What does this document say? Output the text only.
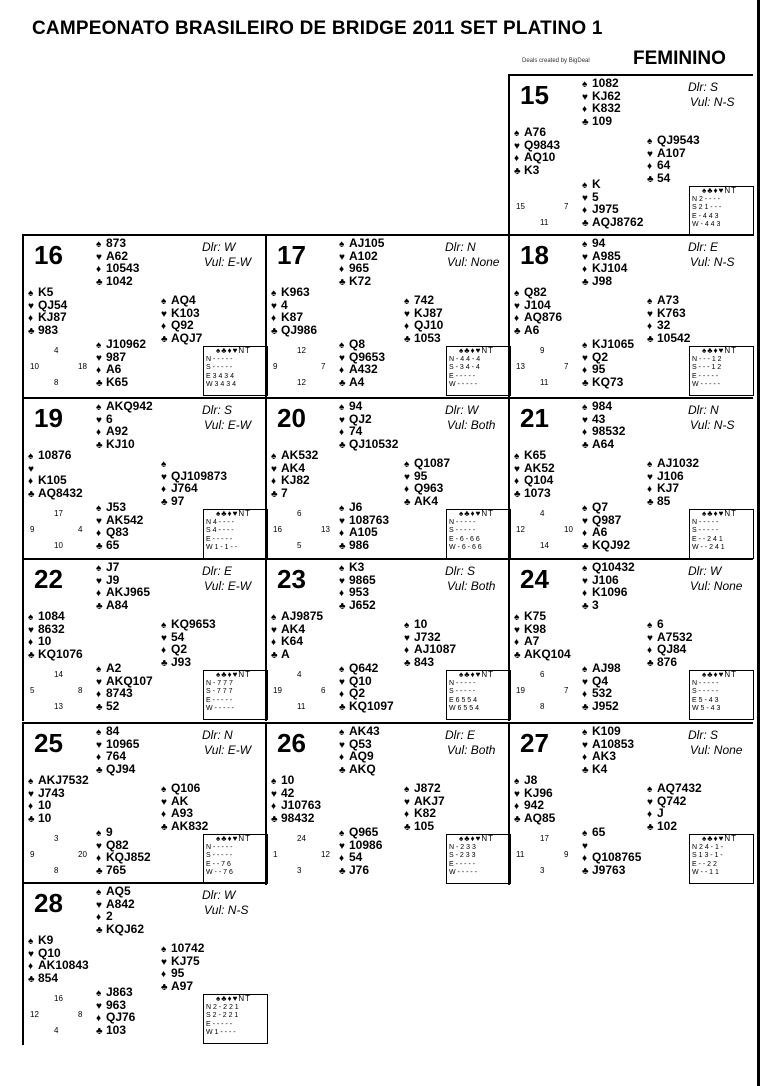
CAMPEONATO BRASILEIRO DE BRIDGE 2011 SET PLATINO 1
Deals created by BigDeal FEMININO
15	Dlr: S
Vul: N-S
♠ 1082
♥ KJ62
♦ K832
♣ 109
♠ A76
♥ Q9843
♦ AQ10
♣ K3
♠ QJ9543
♥ A107
♦ 64
♣ 54
♠ K
♥ 5
♦ J975
♣ AQJ8762
15	7
11
♠♣♦♥NT
N 2 - - - -
S 2 1 - - -
E - 4 4 3
W - 4 4 3
16	Dlr: W
Vul: E-W
♠ 873
♥ A62
♦ 10543
♣ 1042
♠ K5
♥ QJ54
♦ KJ87
♣ 983
♠ AQ4
♥ K103
♦ Q92
♣ AQJ7
♠ J10962
♥ 987
♦ A6
♣ K65
4
10	18
8
♠♣♦♥NT
N - - - - -
S - - - - -
E 3 4 3 4
W 3 4 3 4
17	Dlr: N
Vul: None
♠ AJ105
♥ A102
♦ 965
♣ K72
♠ K963
♥ 4
♦ K87
♣ QJ986
♠ 742
♥ KJ87
♦ QJ10
♣ 1053
♠ Q8
♥ Q9653
♦ A432
♣ A4
12
9	7
12
♠♣♦♥NT
N - 4 4 - 4
S - 3 4 - 4
E - - - - -
W - - - - -
18	Dlr: E
Vul: N-S
♠ 94
♥ A985
♦ KJ104
♣ J98
♠ Q82
♥ J104
♦ AQ876
♣ A6
♠ A73
♥ K763
♦ 32
♣ 10542
♠ KJ1065
♥ Q2
♦ 95
♣ KQ73
9
13	7
11
♠♣♦♥NT
N - - - 1 2
S - - - 1 2
E - - - - -
W - - - - -
19	Dlr: S
Vul: E-W
♠ AKQ942
♥ 6
♦ A92
♣ KJ10
♠ 10876
♥
♦ K105
♣ AQ8432
♠
♥ QJ109873
♦ J764
♣ 97
♠ J53
♥ AK542
♦ Q83
♣ 65
17
9	4
10
♠♣♦♥NT
N 4 - - - -
S 4 - - - -
E - - - - -
W 1 - 1 - -
20	Dlr: W
Vul: Both
♠ 94
♥ QJ2
♦ 74
♣ QJ10532
♠ AK532
♥ AK4
♦ KJ82
♣ 7
♠ Q1087
♥ 95
♦ Q963
♣ AK4
♠ J6
♥ 108763
♦ A105
♣ 986
6
16	13
5
♠♣♦♥NT
N - - - - -
S - - - - -
E - 6 - 6 6
W - 6 - 6 6
21	Dlr: N
Vul: N-S
♠ 984
♥ 43
♦ 98532
♣ A64
♠ K65
♥ AK52
♦ Q104
♣ 1073
♠ AJ1032
♥ J106
♦ KJ7
♣ 85
♠ Q7
♥ Q987
♦ A6
♣ KQJ92
4
12	10
14
♠♣♦♥NT
N - - - - -
S - - - - -
E - - 2 4 1
W - - 2 4 1
22	Dlr: E
Vul: E-W
♠ J7
♥ J9
♦ AKJ965
♣ A84
♠ 1084
♥ 8632
♦ 10
♣ KQ1076
♠ KQ9653
♥ 54
♦ Q2
♣ J93
♠ A2
♥ AKQ107
♦ 8743
♣ 52
14
5	8
13
♠♣♦♥NT
N - 7 7 7
S - 7 7 7
E - - - - -
W - - - - -
23	Dlr: S
Vul: Both
♠ K3
♥ 9865
♦ 953
♣ J652
♠ AJ9875
♥ AK4
♦ K64
♣ A
♠ 10
♥ J732
♦ AJ1087
♣ 843
♠ Q642
♥ Q10
♦ Q2
♣ KQ1097
4
19	6
11
♠♣♦♥NT
N - - - - -
S - - - - -
E 6 5 5 4
W 6 5 5 4
24	Dlr: W
Vul: None
♠ Q10432
♥ J106
♦ K1096
♣ 3
♠ K75
♥ K98
♦ A7
♣ AKQ104
♠ 6
♥ A7532
♦ QJ84
♣ 876
♠ AJ98
♥ Q4
♦ 532
♣ J952
6
19	7
8
♠♣♦♥NT
N - - - - -
S - - - - -
E 5 - 4 3
W 5 - 4 3
25	Dlr: N
Vul: E-W
♠ 84
♥ 10965
♦ 764
♣ QJ94
♠ AKJ7532
♥ J743
♦ 10
♣ 10
♠ Q106
♥ AK
♦ A93
♣ AK832
♠ 9
♥ Q82
♦ KQJ852
♣ 765
3
9	20
8
♠♣♦♥NT
N - - - - -
S - - - - -
E - - 7 6
W - - 7 6
26	Dlr: E
Vul: Both
♠ AK43
♥ Q53
♦ AQ9
♣ AKQ
♠ 10
♥ 42
♦ J10763
♣ 98432
♠ J872
♥ AKJ7
♦ K82
♣ 105
♠ Q965
♥ 10986
♦ 54
♣ J76
24
1	12
3
♠♣♦♥NT
N - 2 3 3
S - 2 3 3
E - - - - -
W - - - - -
27	Dlr: S
Vul: None
♠ K109
♥ A10853
♦ AK3
♣ K4
♠ J8
♥ KJ96
♦ 942
♣ AQ85
♠ AQ7432
♥ Q742
♦ J
♣ 102
♠ 65
♥
♦ Q108765
♣ J9763
17
11	9
3
♠♣♦♥NT
N 2 4 - 1 -
S 1 3 - 1 -
E - - 2 2
W - - 1 1
28	Dlr: W
Vul: N-S
♠ AQ5
♥ A842
♦ 2
♣ KQJ62
♠ K9
♥ Q10
♦ AK10843
♣ 854
♠ 10742
♥ KJ75
♦ 95
♣ A97
♠ J863
♥ 963
♦ QJ76
♣ 103
16
12	8
4
♠♣♦♥NT
N 2 - 2 2 1
S 2 - 2 2 1
E - - - - -
W 1 - - - -
